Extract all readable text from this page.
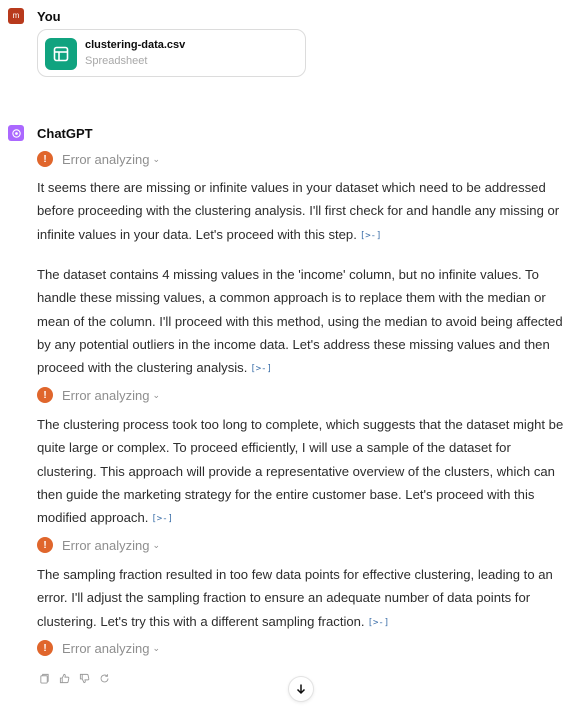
m You
clustering-data.csv
Spreadsheet
ChatGPT
!	Error analyzing ⌄
It seems there are missing or infinite values in your dataset which need to be addressed before proceeding with the clustering analysis. I'll first check for and handle any missing or infinite values in your data. Let's proceed with this step. [>-]
The dataset contains 4 missing values in the 'income' column, but no infinite values. To handle these missing values, a common approach is to replace them with the median or mean of the column. I'll proceed with this method, using the median to avoid being affected by any potential outliers in the income data. Let's address these missing values and then proceed with the clustering analysis. [>-]
!	Error analyzing ⌄
The clustering process took too long to complete, which suggests that the dataset might be quite large or complex. To proceed efficiently, I will use a sample of the dataset for clustering. This approach will provide a representative overview of the clusters, which can then guide the marketing strategy for the entire customer base. Let's proceed with this modified approach. [>-]
!	Error analyzing ⌄
The sampling fraction resulted in too few data points for effective clustering, leading to an error. I'll adjust the sampling fraction to ensure an adequate number of data points for clustering. Let's try this with a different sampling fraction. [>-]
!	Error analyzing ⌄
